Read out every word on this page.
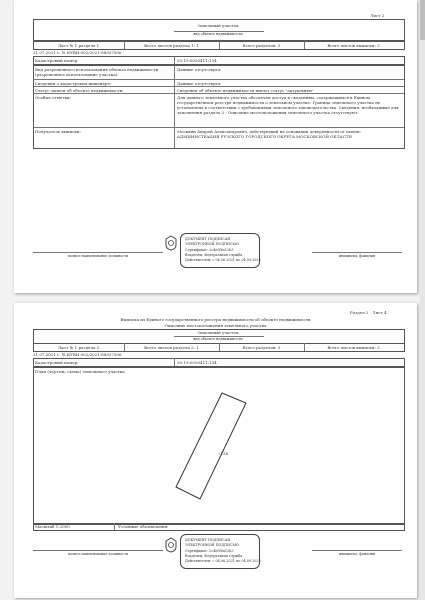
Лист 2
Земельный участок
вид объекта недвижимости
Лист № 1 раздела 1	Всего листов раздела 1: 1	Всего разделов: 3	Всего листов выписки: 3
21.07.2021 г. № КУВИ-002/2021-88937506
Кадастровый номер:	50:19:0050411:134
Вид разрешенного использования объекта недвижимости (разрешенное использование участка):
Данные отсутствуют
Сведения о кадастровом инженере:	Данные отсутствуют
Статус записи об объекте недвижимости:	Сведения об объекте недвижимости имеют статус "актуальные"
Особые отметки:	Для данного земельного участка обеспечен доступ к сведениям, содержащимся в Едином государственном реестре недвижимости о земельном участке. Граница земельного участка не установлена в соответствии с требованиями земельного законодательства. Сведения, необходимые для заполнения раздела 3 - Описание местоположения земельного участка отсутствуют.
Получатель выписки:	Москвин Андрей Александрович, действующий на основании доверенности от имени: АДМИНИСТРАЦИЯ РУЗСКОГО ГОРОДСКОГО ОКРУГА МОСКОВСКОЙ ОБЛАСТИ
ДОКУМЕНТ ПОДПИСАН
ЭЛЕКТРОННОЙ ПОДПИСЬЮ
Сертификат: 2c4e0f6a12b3
Владелец: Федеральная служба
Действителен: с 04.06.2021 по 04.09.2022
полное наименование должности	инициалы, фамилия
Раздел 2 · Лист 4
Выписка из Единого государственного реестра недвижимости об объекте недвижимости
Описание местоположения земельного участка
Земельный участок
вид объекта недвижимости
Лист № 1 раздела 3	Всего листов раздела 3: 1	Всего разделов: 3	Всего листов выписки: 3
21.07.2021 г. № КУВИ-002/2021-88937506
Кадастровый номер:	50:19:0050411:134
План (чертеж, схема) земельного участка
:134
Масштаб 1:2000	Условные обозначения:
ДОКУМЕНТ ПОДПИСАН
ЭЛЕКТРОННОЙ ПОДПИСЬЮ
Сертификат: 2c4e0f6a12b3
Владелец: Федеральная служба
Действителен: с 04.06.2021 по 04.09.2022
полное наименование должности	инициалы, фамилия
